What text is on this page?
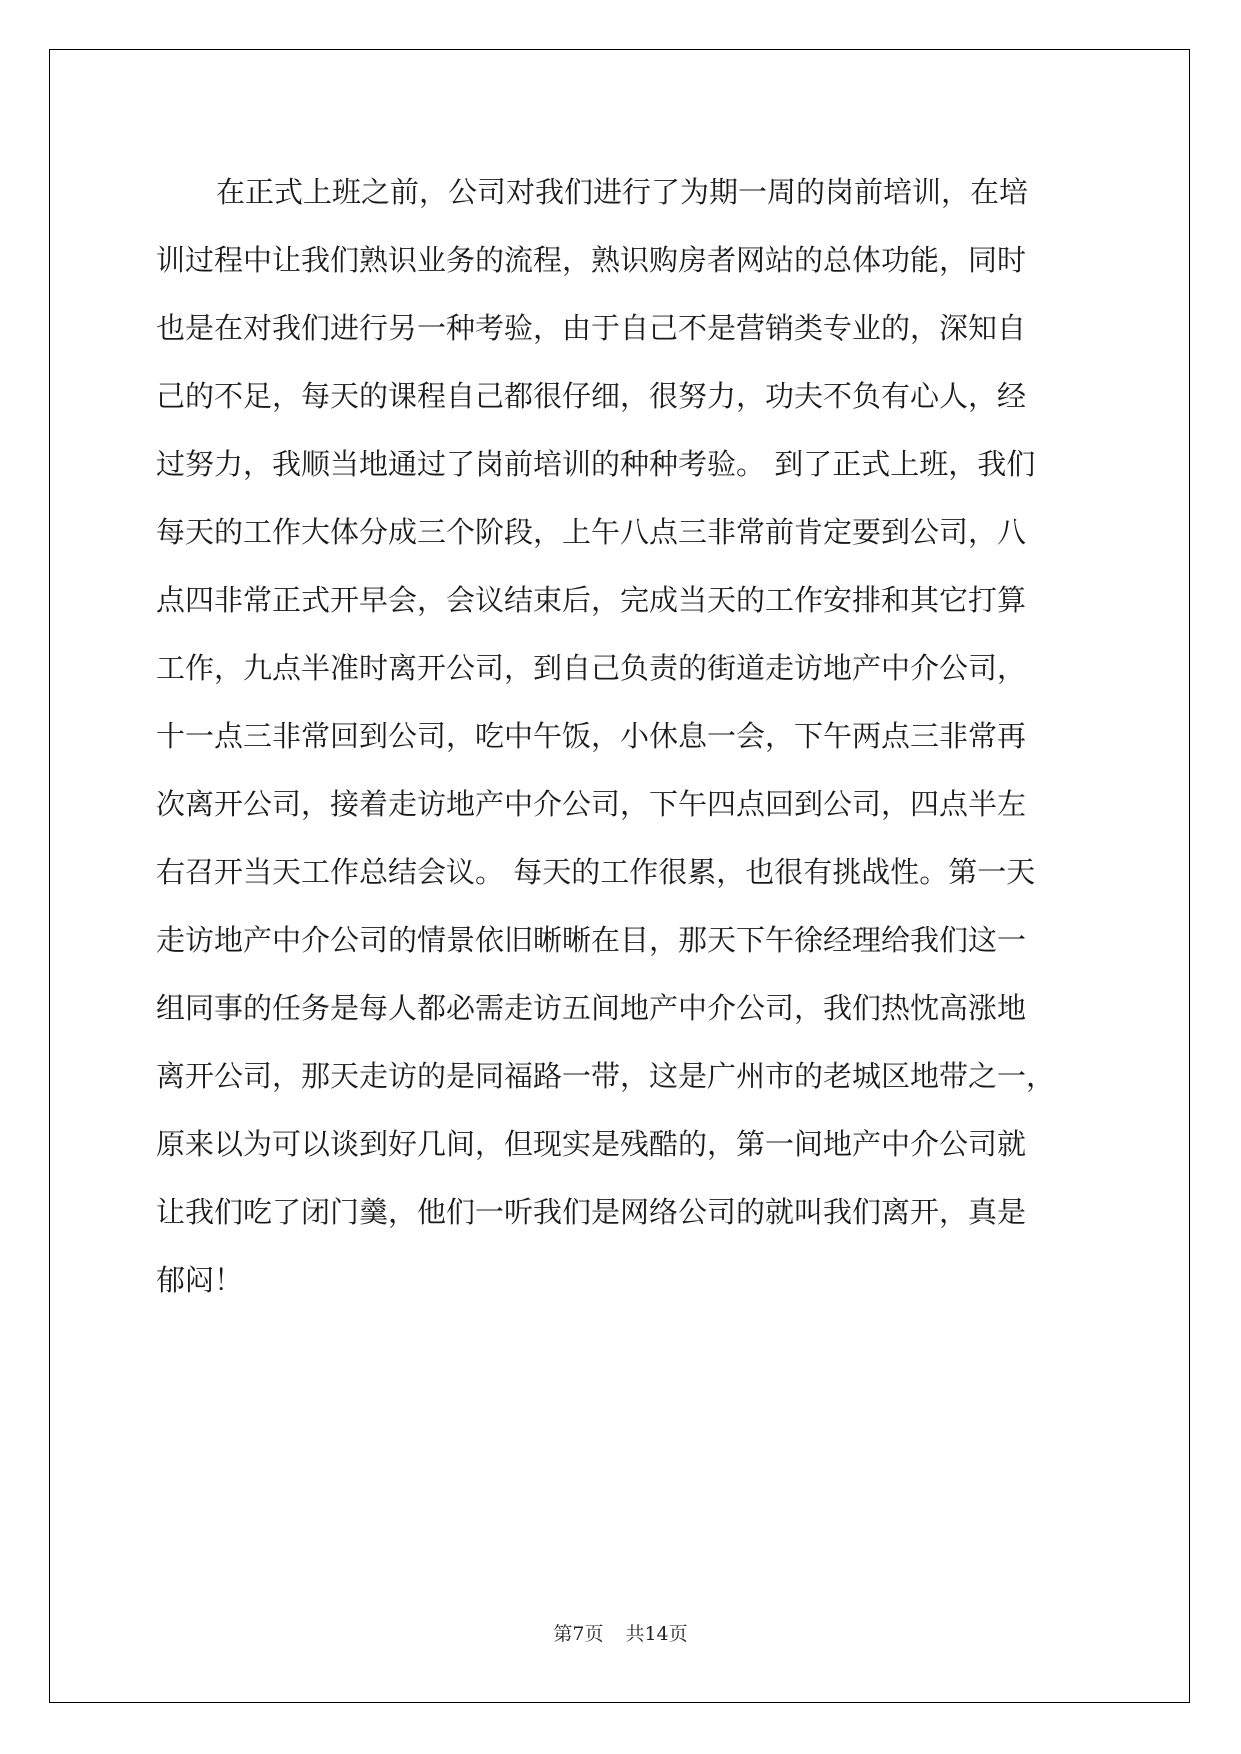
在正式上班之前，公司对我们进行了为期一周的岗前培训，在培
训过程中让我们熟识业务的流程，熟识购房者网站的总体功能，同时
也是在对我们进行另一种考验，由于自己不是营销类专业的，深知自
己的不足，每天的课程自己都很仔细，很努力，功夫不负有心人，经
过努力，我顺当地通过了岗前培训的种种考验。 到了正式上班，我们
每天的工作大体分成三个阶段，上午八点三非常前肯定要到公司，八
点四非常正式开早会，会议结束后，完成当天的工作安排和其它打算
工作，九点半准时离开公司，到自己负责的街道走访地产中介公司，
十一点三非常回到公司，吃中午饭，小休息一会，下午两点三非常再
次离开公司，接着走访地产中介公司，下午四点回到公司，四点半左
右召开当天工作总结会议。 每天的工作很累，也很有挑战性。第一天
走访地产中介公司的情景依旧晰晰在目，那天下午徐经理给我们这一
组同事的任务是每人都必需走访五间地产中介公司，我们热忱高涨地
离开公司，那天走访的是同福路一带，这是广州市的老城区地带之一，
原来以为可以谈到好几间，但现实是残酷的，第一间地产中介公司就
让我们吃了闭门羹，他们一听我们是网络公司的就叫我们离开，真是
郁闷！
第7页 共14页
